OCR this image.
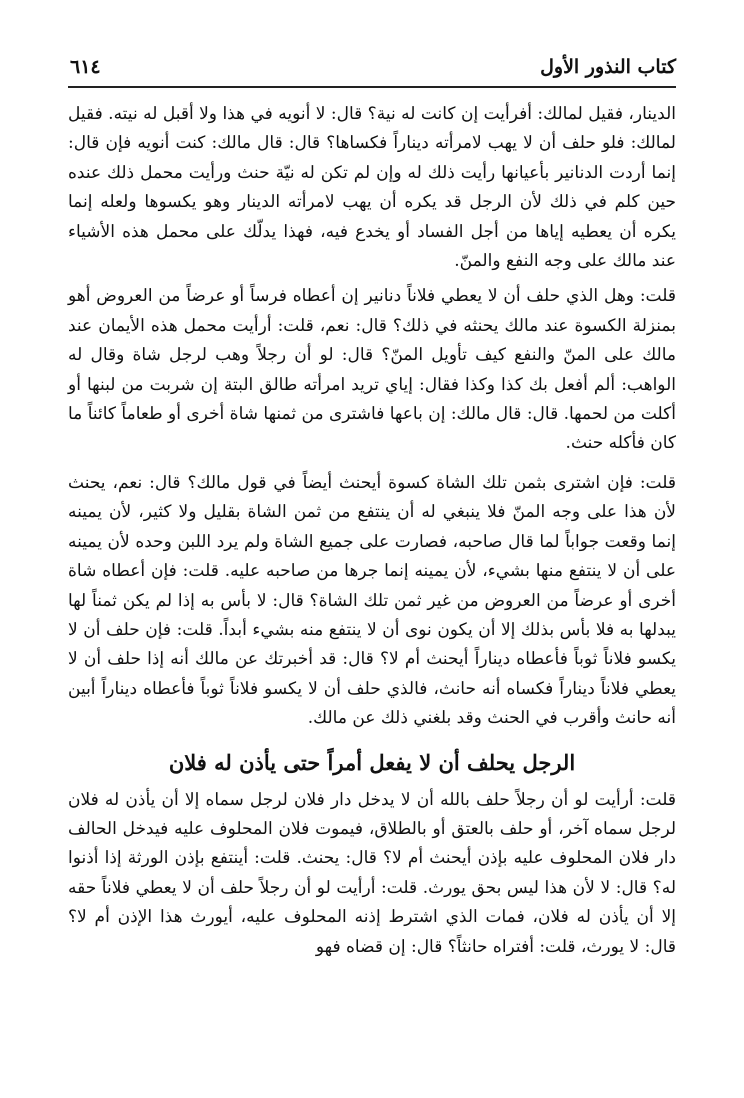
كتاب النذور الأول
٦١٤

الدينار، فقيل لمالك: أفرأيت إن كانت له نية؟ قال: لا أنويه في هذا ولا أقبل له نيته. فقيل لمالك: فلو حلف أن لا يهب لامرأته ديناراً فكساها؟ قال: قال مالك: كنت أنويه فإن قال: إنما أردت الدنانير بأعيانها رأيت ذلك له وإن لم تكن له نيّة حنث ورأيت محمل ذلك عنده حين كلم في ذلك لأن الرجل قد يكره أن يهب لامرأته الدينار وهو يكسوها ولعله إنما يكره أن يعطيه إياها من أجل الفساد أو يخدع فيه، فهذا يدلّك على محمل هذه الأشياء عند مالك على وجه النفع والمنّ.

قلت: وهل الذي حلف أن لا يعطي فلاناً دنانير إن أعطاه فرساً أو عرضاً من العروض أهو بمنزلة الكسوة عند مالك يحنثه في ذلك؟ قال: نعم، قلت: أرأيت محمل هذه الأيمان عند مالك على المنّ والنفع كيف تأويل المنّ؟ قال: لو أن رجلاً وهب لرجل شاة وقال له الواهب: ألم أفعل بك كذا وكذا فقال: إياي تريد امرأته طالق البتة إن شربت من لبنها أو أكلت من لحمها. قال: قال مالك: إن باعها فاشترى من ثمنها شاة أخرى أو طعاماً كائناً ما كان فأكله حنث.

قلت: فإن اشترى بثمن تلك الشاة كسوة أيحنث أيضاً في قول مالك؟ قال: نعم، يحنث لأن هذا على وجه المنّ فلا ينبغي له أن ينتفع من ثمن الشاة بقليل ولا كثير، لأن يمينه إنما وقعت جواباً لما قال صاحبه، فصارت على جميع الشاة ولم يرد اللبن وحده لأن يمينه على أن لا ينتفع منها بشيء، لأن يمينه إنما جرها من صاحبه عليه. قلت: فإن أعطاه شاة أخرى أو عرضاً من العروض من غير ثمن تلك الشاة؟ قال: لا بأس به إذا لم يكن ثمناً لها يبدلها به فلا بأس بذلك إلا أن يكون نوى أن لا ينتفع منه بشيء أبداً. قلت: فإن حلف أن لا يكسو فلاناً ثوباً فأعطاه ديناراً أيحنث أم لا؟ قال: قد أخبرتك عن مالك أنه إذا حلف أن لا يعطي فلاناً ديناراً فكساه أنه حانث، فالذي حلف أن لا يكسو فلاناً ثوباً فأعطاه ديناراً أبين أنه حانث وأقرب في الحنث وقد بلغني ذلك عن مالك.

الرجل يحلف أن لا يفعل أمراً حتى يأذن له فلان

قلت: أرأيت لو أن رجلاً حلف بالله أن لا يدخل دار فلان لرجل سماه إلا أن يأذن له فلان لرجل سماه آخر، أو حلف بالعتق أو بالطلاق، فيموت فلان المحلوف عليه فيدخل الحالف دار فلان المحلوف عليه بإذن أيحنث أم لا؟ قال: يحنث. قلت: أينتفع بإذن الورثة إذا أذنوا له؟ قال: لا لأن هذا ليس بحق يورث. قلت: أرأيت لو أن رجلاً حلف أن لا يعطي فلاناً حقه إلا أن يأذن له فلان، فمات الذي اشترط إذنه المحلوف عليه، أيورث هذا الإذن أم لا؟ قال: لا يورث، قلت: أفتراه حانثاً؟ قال: إن قضاه فهو
